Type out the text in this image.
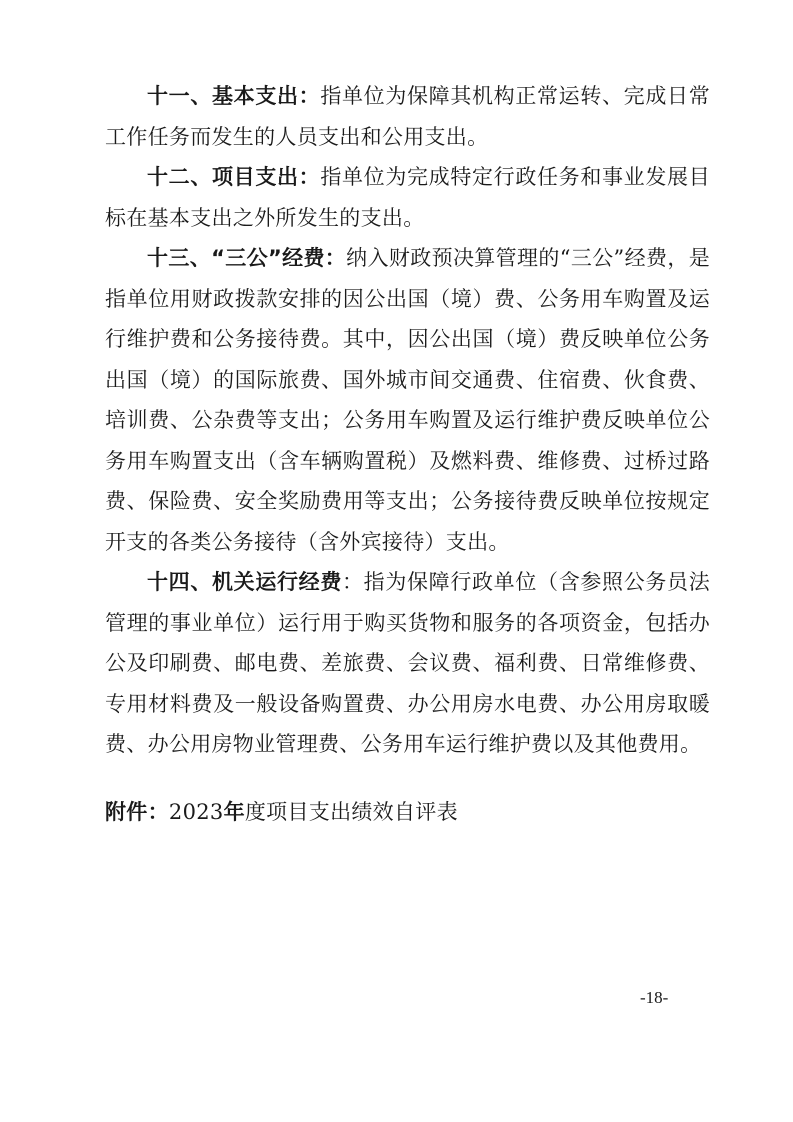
十一、基本支出：指单位为保障其机构正常运转、完成日常工作任务而发生的人员支出和公用支出。

十二、项目支出：指单位为完成特定行政任务和事业发展目标在基本支出之外所发生的支出。

十三、“三公”经费：纳入财政预决算管理的“三公”经费，是指单位用财政拨款安排的因公出国（境）费、公务用车购置及运行维护费和公务接待费。其中，因公出国（境）费反映单位公务出国（境）的国际旅费、国外城市间交通费、住宿费、伙食费、培训费、公杂费等支出；公务用车购置及运行维护费反映单位公务用车购置支出（含车辆购置税）及燃料费、维修费、过桥过路费、保险费、安全奖励费用等支出；公务接待费反映单位按规定开支的各类公务接待（含外宾接待）支出。

十四、机关运行经费：指为保障行政单位（含参照公务员法管理的事业单位）运行用于购买货物和服务的各项资金，包括办公及印刷费、邮电费、差旅费、会议费、福利费、日常维修费、专用材料费及一般设备购置费、办公用房水电费、办公用房取暖费、办公用房物业管理费、公务用车运行维护费以及其他费用。

附件：2023年度项目支出绩效自评表
-18-
